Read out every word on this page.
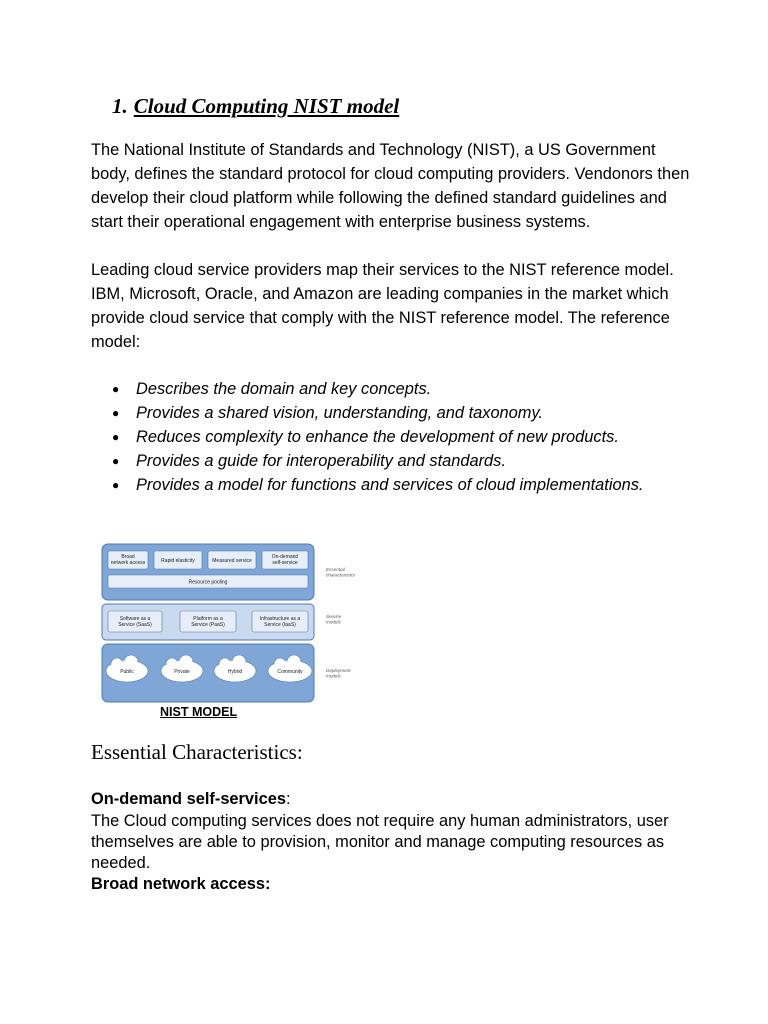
1. Cloud Computing NIST model

The National Institute of Standards and Technology (NIST), a US Government body, defines the standard protocol for cloud computing providers. Vendonors then develop their cloud platform while following the defined standard guidelines and start their operational engagement with enterprise business systems.

Leading cloud service providers map their services to the NIST reference model. IBM, Microsoft, Oracle, and Amazon are leading companies in the market which provide cloud service that comply with the NIST reference model. The reference model:

● Describes the domain and key concepts.
● Provides a shared vision, understanding, and taxonomy.
● Reduces complexity to enhance the development of new products.
● Provides a guide for interoperability and standards.
● Provides a model for functions and services of cloud implementations.
Broad network access	Rapid elasticity	Measured service
On-demand self-service
Resource pooling
Software as a Service (SaaS)
Platform as a Service (PaaS)
Infrastructure as a Service (IaaS)
Public	Private	Hybrid	Community
Essential characteristics
Service models
Deployment models

NIST MODEL

Essential Characteristics:

On-demand self-services:

The Cloud computing services does not require any human administrators, user themselves are able to provision, monitor and manage computing resources as needed.

Broad network access:
